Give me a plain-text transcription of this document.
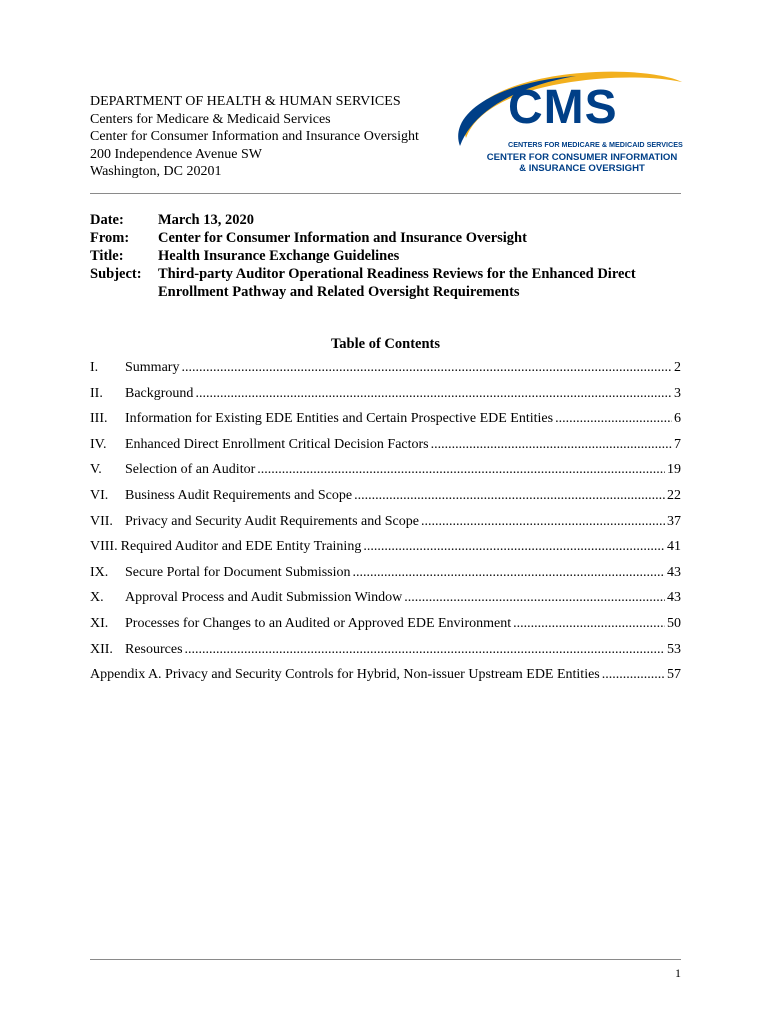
DEPARTMENT OF HEALTH & HUMAN SERVICES
Centers for Medicare & Medicaid Services
Center for Consumer Information and Insurance Oversight
200 Independence Avenue SW
Washington, DC 20201
CMS
CENTERS FOR MEDICARE & MEDICAID SERVICES
CENTER FOR CONSUMER INFORMATION
& INSURANCE OVERSIGHT
Date:	March 13, 2020
From:	Center for Consumer Information and Insurance Oversight
Title:	Health Insurance Exchange Guidelines
Subject:	Third-party Auditor Operational Readiness Reviews for the Enhanced Direct
Enrollment Pathway and Related Oversight Requirements
Table of Contents
I.	Summary .....	2
II.	Background .....	3
III.	Information for Existing EDE Entities and Certain Prospective EDE Entities .....	6
IV.	Enhanced Direct Enrollment Critical Decision Factors .....	7
V.	Selection of an Auditor .....	19
VI.	Business Audit Requirements and Scope .....	22
VII. Privacy and Security Audit Requirements and Scope .....	37
VIII. Required Auditor and EDE Entity Training .....	41
IX.	Secure Portal for Document Submission .....	43
X.	Approval Process and Audit Submission Window .....	43
XI.	Processes for Changes to an Audited or Approved EDE Environment .....	50
XII. Resources .....	53
Appendix A. Privacy and Security Controls for Hybrid, Non-issuer Upstream EDE Entities .....	57
1
